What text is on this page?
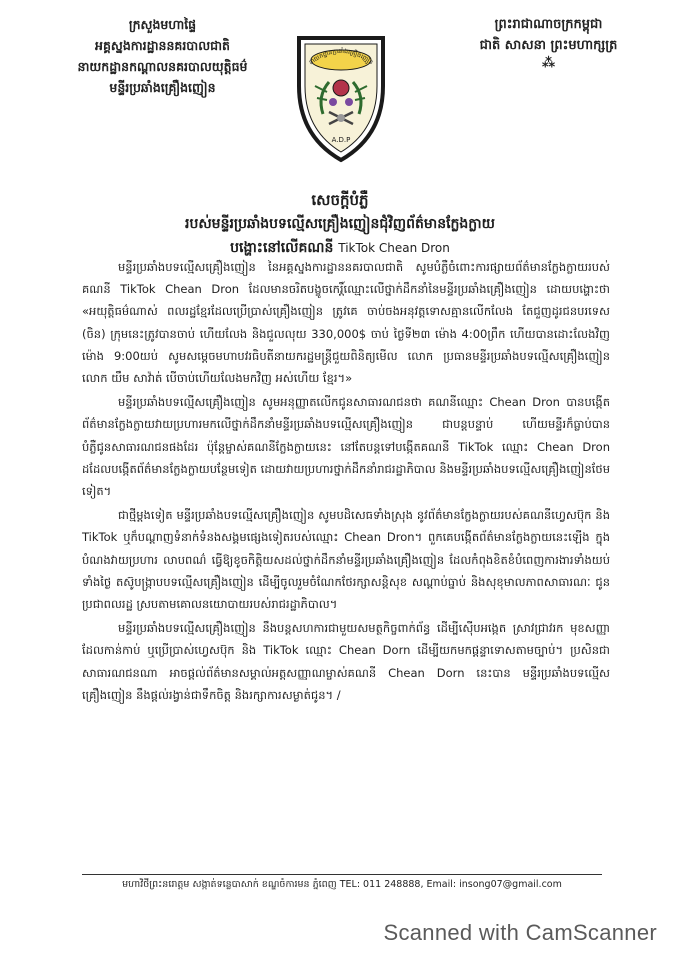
ក្រសួងមហាផ្ទៃ
អគ្គស្នងការដ្ឋាននគរបាលជាតិ
នាយកដ្ឋានកណ្តាលនគរបាលយុត្តិធម៌
មន្ទីរប្រឆាំងគ្រឿងញៀន
នាយកដ្ឋានប្រឆាំងគ្រឿងញៀន
A.D.P
ព្រះរាជាណាចក្រកម្ពុជា
ជាតិ សាសនា ព្រះមហាក្សត្រ
⁂
សេចក្តីបំភ្លឺ
របស់មន្ទីរប្រឆាំងបទល្មើសគ្រឿងញៀនជុំវិញព័ត៌មានក្លែងក្លាយ
បង្ហោះនៅលើគណនី TikTok Chean Dron

មន្ទីរប្រឆាំងបទល្មើសគ្រឿងញៀន នៃអគ្គស្នងការដ្ឋាននគរបាលជាតិ សូមបំភ្លឺចំពោះការផ្សាយព័ត៌មានក្លែងក្លាយរបស់គណនី TikTok Chean Dron ដែលមានចរិតបង្ខូចកេរ្តិ៍ឈ្មោះលើថ្នាក់ដឹកនាំនៃមន្ទីរប្រឆាំងគ្រឿងញៀន ដោយបង្ហោះថា «អយុត្តិធម៌ណាស់ ពលរដ្ឋខ្មែរដែលប្រើប្រាស់គ្រឿងញៀន ត្រូវគេ ចាប់ចងអនុវត្តទោសគ្មានលើកលែង តែជួញដូរជនបរទេស (ចិន) ក្រុមនេះត្រូវបានចាប់ ហើយលែង និងជួលលុយ 330,000$ ចាប់ ថ្ងៃទី២៣ ម៉ោង 4:00ព្រឹក ហើយបានដោះលែងវិញម៉ោង 9:00យប់ សូមសម្តេចមហាបវរធិបតីនាយករដ្ឋមន្ត្រីជួយពិនិត្យមើល លោក ប្រធានមន្ទីរប្រឆាំងបទល្មើសគ្រឿងញៀន លោក យឹម សាវ៉ាត់ បើចាប់ហើយលែងមកវិញ អស់ហើយ ខ្មែរ។»

មន្ទីរប្រឆាំងបទល្មើសគ្រឿងញៀន សូមអនុញ្ញាតលើកជូនសាធារណជនថា គណនីឈ្មោះ Chean Dron បានបង្កើតព័ត៌មានក្លែងក្លាយវាយប្រហារមកលើថ្នាក់ដឹកនាំមន្ទីរប្រឆាំងបទល្មើសគ្រឿងញៀន ជាបន្តបន្ទាប់ ហើយមន្ទីរក៏ធ្លាប់បានបំភ្លឺជូនសាធារណជនផងដែរ ប៉ុន្តែម្ចាស់គណនីក្លែងក្លាយនេះ នៅតែបន្តទៅបង្កើតគណនី TikTok ឈ្មោះ Chean Dron ដដែលបង្កើតព័ត៌មានក្លែងក្លាយបន្ថែមទៀត ដោយវាយប្រហារថ្នាក់ដឹកនាំរាជរដ្ឋាភិបាល និងមន្ទីរប្រឆាំងបទល្មើសគ្រឿងញៀនថែមទៀត។

ជាថ្មីម្តងទៀត មន្ទីរប្រឆាំងបទល្មើសគ្រឿងញៀន សូមបដិសេធទាំងស្រុង នូវព័ត៌មានក្លែងក្លាយរបស់គណនីហ្វេសប៊ុក និង TikTok ឬក៏បណ្តាញទំនាក់ទំនងសង្គមផ្សេងទៀតរបស់ឈ្មោះ Chean Dron។ ពួកគេបង្កើតព័ត៌មានក្លែងក្លាយនេះឡើង ក្នុងបំណងវាយប្រហារ លាបពណ៌ ធ្វើឱ្យខូចកិត្តិយសដល់ថ្នាក់ដឹកនាំមន្ទីរប្រឆាំងគ្រឿងញៀន ដែលកំពុងខិតខំបំពេញការងារទាំងយប់ទាំងថ្ងៃ តស៊ូបង្ក្រាបបទល្មើសគ្រឿងញៀន ដើម្បីចូលរួមចំណែកថែរក្សាសន្តិសុខ សណ្តាប់ធ្នាប់ និងសុខុមាលភាពសាធារណៈ ជូនប្រជាពលរដ្ឋ ស្របតាមគោលនយោបាយរបស់រាជរដ្ឋាភិបាល។

មន្ទីរប្រឆាំងបទល្មើសគ្រឿងញៀន នឹងបន្តសហការជាមួយសមត្ថកិច្ចពាក់ព័ន្ធ ដើម្បីស៊ើបអង្កេត ស្រាវជ្រាវរក មុខសញ្ញាដែលកាន់កាប់ ឬប្រើប្រាស់ហ្វេសប៊ុក និង TikTok ឈ្មោះ Chean Dorn ដើម្បីយកមកផ្តន្ទាទោសតាមច្បាប់។ ប្រសិនជាសាធារណជនណា អាចផ្តល់ព័ត៌មានសម្គាល់អត្តសញ្ញាណម្ចាស់គណនី Chean Dorn នេះបាន មន្ទីរប្រឆាំងបទល្មើសគ្រឿងញៀន នឹងផ្តល់រង្វាន់ជាទឹកចិត្ត និងរក្សាការសម្ងាត់ជូន។ /

មហាវិថីព្រះនរោត្តម សង្កាត់ទន្លេបាសាក់ ខណ្ឌចំការមន ភ្នំពេញ TEL: 011 248888, Email: insong07@gmail.com
Scanned with CamScanner
